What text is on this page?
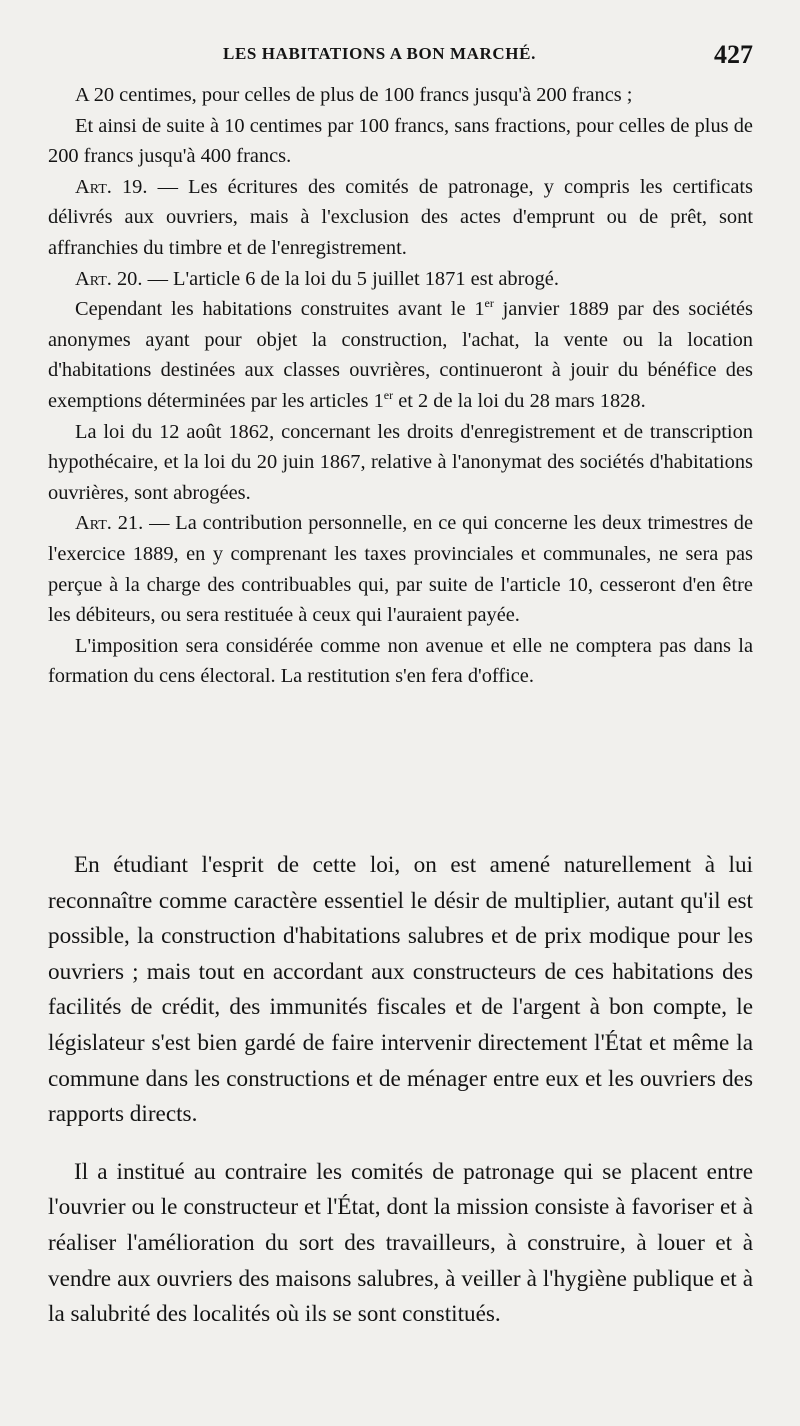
LES HABITATIONS A BON MARCHÉ.	427

A 20 centimes, pour celles de plus de 100 francs jusqu'à 200 francs ;

Et ainsi de suite à 10 centimes par 100 francs, sans fractions, pour celles de plus de 200 francs jusqu'à 400 francs.

Art. 19. — Les écritures des comités de patronage, y compris les certificats délivrés aux ouvriers, mais à l'exclusion des actes d'emprunt ou de prêt, sont affranchies du timbre et de l'enregistrement.

Art. 20. — L'article 6 de la loi du 5 juillet 1871 est abrogé.

Cependant les habitations construites avant le 1er janvier 1889 par des sociétés anonymes ayant pour objet la construction, l'achat, la vente ou la location d'habitations destinées aux classes ouvrières, continueront à jouir du bénéfice des exemptions déterminées par les articles 1er et 2 de la loi du 28 mars 1828.

La loi du 12 août 1862, concernant les droits d'enregistrement et de transcription hypothécaire, et la loi du 20 juin 1867, relative à l'anonymat des sociétés d'habitations ouvrières, sont abrogées.

Art. 21. — La contribution personnelle, en ce qui concerne les deux trimestres de l'exercice 1889, en y comprenant les taxes provinciales et communales, ne sera pas perçue à la charge des contribuables qui, par suite de l'article 10, cesseront d'en être les débiteurs, ou sera restituée à ceux qui l'auraient payée.

L'imposition sera considérée comme non avenue et elle ne comptera pas dans la formation du cens électoral. La restitution s'en fera d'office.

En étudiant l'esprit de cette loi, on est amené naturellement à lui reconnaître comme caractère essentiel le désir de multiplier, autant qu'il est possible, la construction d'habitations salubres et de prix modique pour les ouvriers ; mais tout en accordant aux constructeurs de ces habitations des facilités de crédit, des immunités fiscales et de l'argent à bon compte, le législateur s'est bien gardé de faire intervenir directement l'État et même la commune dans les constructions et de ménager entre eux et les ouvriers des rapports directs.

Il a institué au contraire les comités de patronage qui se placent entre l'ouvrier ou le constructeur et l'État, dont la mission consiste à favoriser et à réaliser l'amélioration du sort des travailleurs, à construire, à louer et à vendre aux ouvriers des maisons salubres, à veiller à l'hygiène publique et à la salubrité des localités où ils se sont constitués.
